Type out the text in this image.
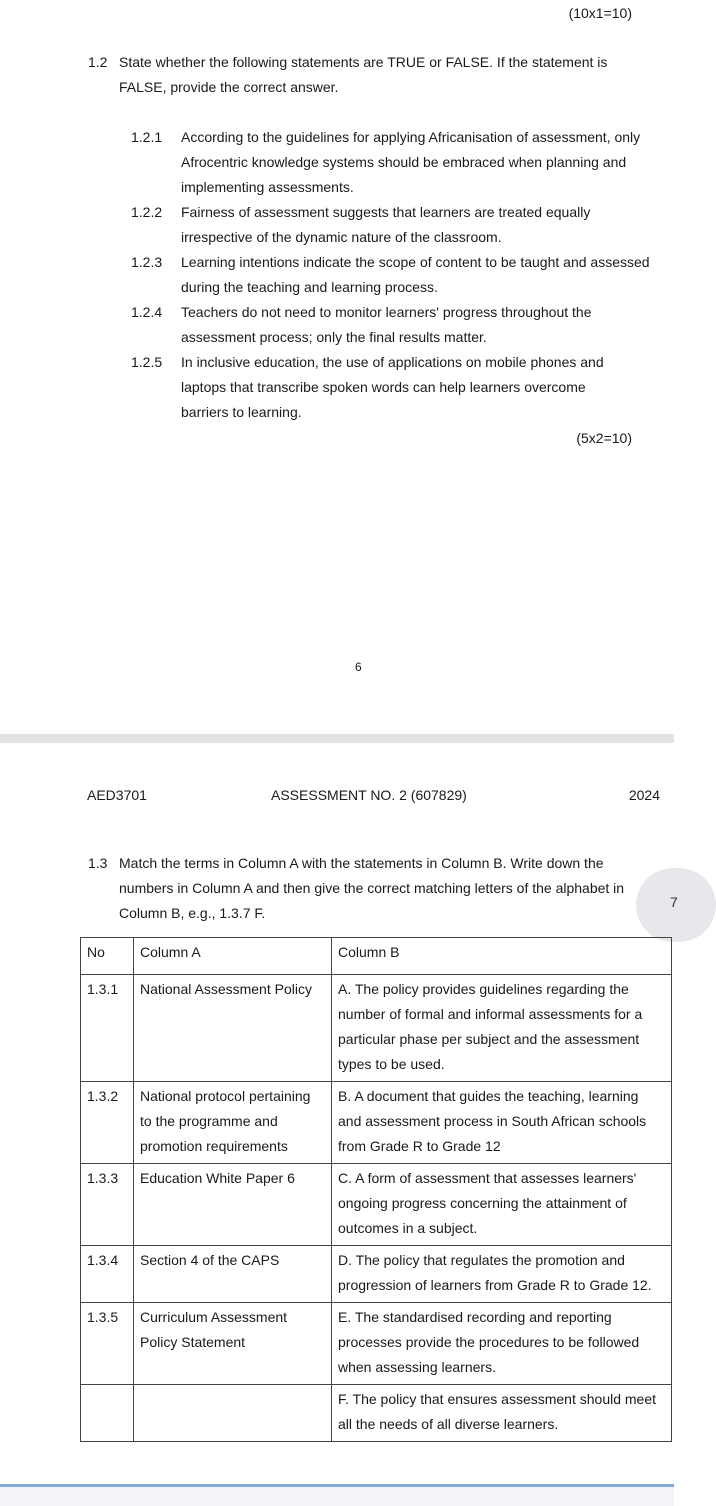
(10x1=10)
1.2 State whether the following statements are TRUE or FALSE. If the statement is FALSE, provide the correct answer.
1.2.1 According to the guidelines for applying Africanisation of assessment, only Afrocentric knowledge systems should be embraced when planning and implementing assessments.
1.2.2 Fairness of assessment suggests that learners are treated equally irrespective of the dynamic nature of the classroom.
1.2.3 Learning intentions indicate the scope of content to be taught and assessed during the teaching and learning process.
1.2.4 Teachers do not need to monitor learners' progress throughout the assessment process; only the final results matter.
1.2.5 In inclusive education, the use of applications on mobile phones and laptops that transcribe spoken words can help learners overcome barriers to learning.
(5x2=10)
6
AED3701	ASSESSMENT NO. 2 (607829)	2024
1.3 Match the terms in Column A with the statements in Column B. Write down the numbers in Column A and then give the correct matching letters of the alphabet in Column B, e.g., 1.3.7 F.
7
No	Column A	Column B
1.3.1	National Assessment Policy	A. The policy provides guidelines regarding the number of formal and informal assessments for a particular phase per subject and the assessment types to be used.
1.3.2	National protocol pertaining to the programme and promotion requirements	B. A document that guides the teaching, learning and assessment process in South African schools from Grade R to Grade 12
1.3.3	Education White Paper 6	C. A form of assessment that assesses learners' ongoing progress concerning the attainment of outcomes in a subject.
1.3.4	Section 4 of the CAPS	D. The policy that regulates the promotion and progression of learners from Grade R to Grade 12.
1.3.5	Curriculum Assessment Policy Statement	E. The standardised recording and reporting processes provide the procedures to be followed when assessing learners.
		F. The policy that ensures assessment should meet all the needs of all diverse learners.
